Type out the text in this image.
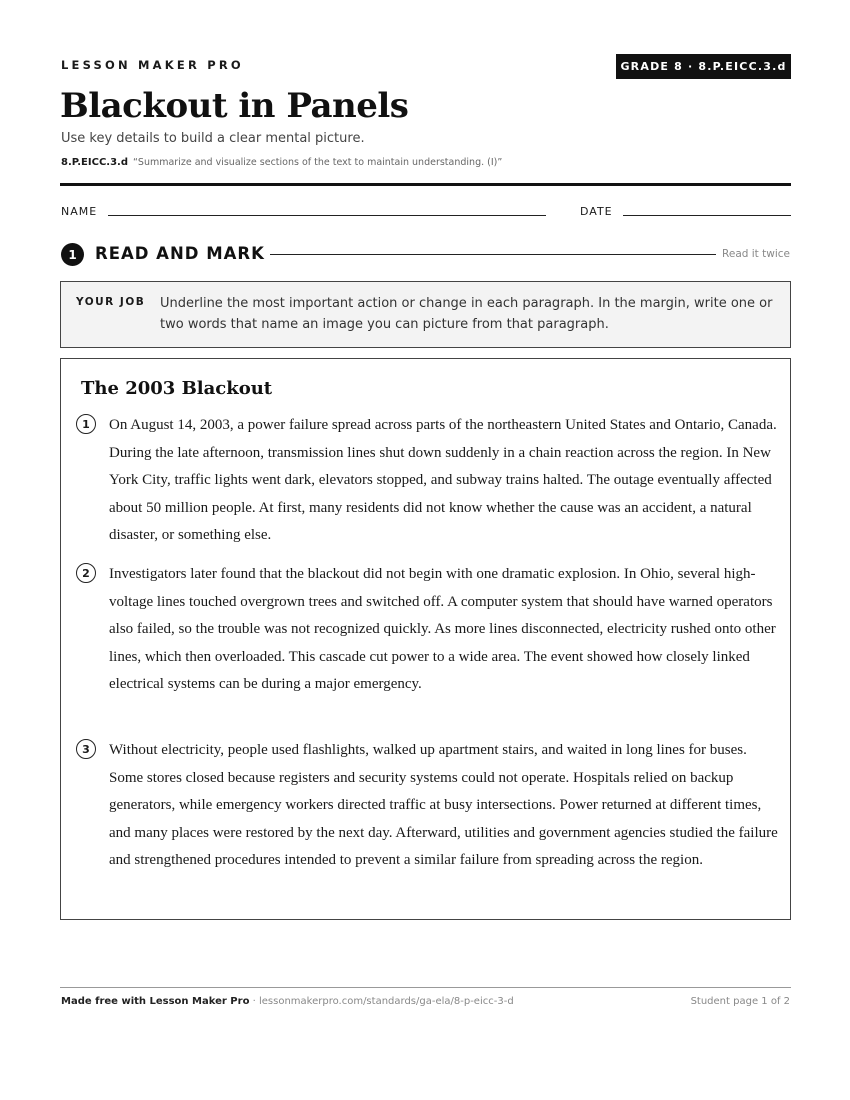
LESSON MAKER PRO	GRADE 8 · 8.P.EICC.3.d
Blackout in Panels
Use key details to build a clear mental picture.
8.P.EICC.3.d “Summarize and visualize sections of the text to maintain understanding. (I)”
NAME	DATE
1	READ AND MARK	Read it twice
YOUR JOB Underline the most important action or change in each paragraph. In the margin, write one or two words that name an image you can picture from that paragraph.
The 2003 Blackout
1	On August 14, 2003, a power failure spread across parts of the northeastern United States and Ontario, Canada. During the late afternoon, transmission lines shut down suddenly in a chain reaction across the region. In New York City, traffic lights went dark, elevators stopped, and subway trains halted. The outage eventually affected about 50 million people. At first, many residents did not know whether the cause was an accident, a natural disaster, or something else.

2	Investigators later found that the blackout did not begin with one dramatic explosion. In Ohio, several high-voltage lines touched overgrown trees and switched off. A computer system that should have warned operators also failed, so the trouble was not recognized quickly. As more lines disconnected, electricity rushed onto other lines, which then overloaded. This cascade cut power to a wide area. The event showed how closely linked electrical systems can be during a major emergency.

3	Without electricity, people used flashlights, walked up apartment stairs, and waited in long lines for buses. Some stores closed because registers and security systems could not operate. Hospitals relied on backup generators, while emergency workers directed traffic at busy intersections. Power returned at different times, and many places were restored by the next day. Afterward, utilities and government agencies studied the failure and strengthened procedures intended to prevent a similar failure from spreading across the region.

Made free with Lesson Maker Pro · lessonmakerpro.com/standards/ga-ela/8-p-eicc-3-d	Student page 1 of 2
